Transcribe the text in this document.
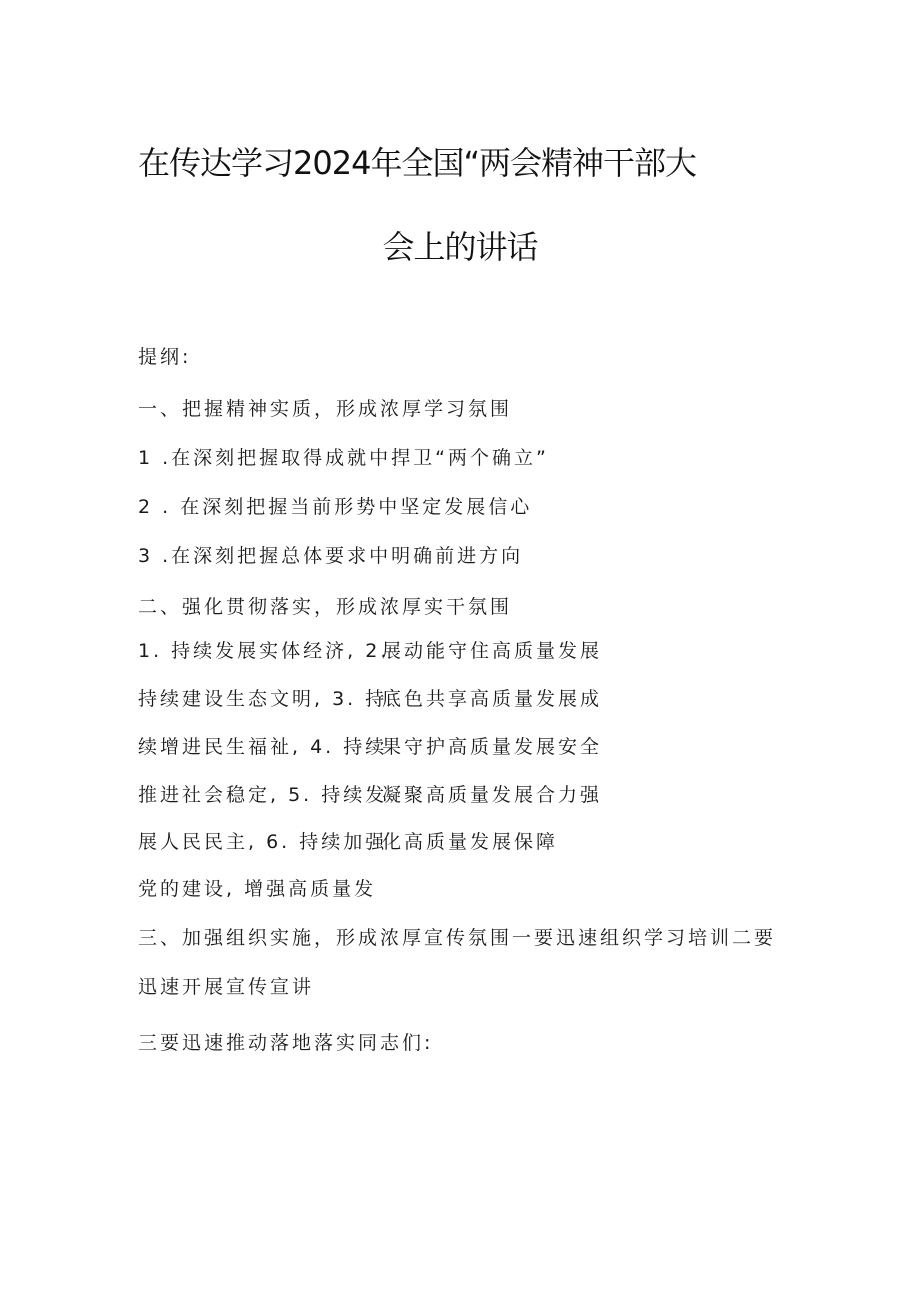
在传达学习2024年全国“两会精神干部大
会上的讲话
提纲:
一、把握精神实质，形成浓厚学习氛围
1 .在深刻把握取得成就中捍卫“两个确立”
2 . 在深刻把握当前形势中坚定发展信心
3 .在深刻把握总体要求中明确前进方向
二、强化贯彻落实，形成浓厚实干氛围
1. 持续发展实体经济, 2.
展动能守住高质量发展
持续建设生态文明, 3. 持
底色共享高质量发展成
续增进民生福祉, 4. 持续
果守护高质量发展安全
推进社会稳定, 5. 持续发
凝聚高质量发展合力强
展人民民主, 6. 持续加强
化高质量发展保障
党的建设, 增强高质量发
三、加强组织实施，形成浓厚宣传氛围一要迅速组织学习培训二要
迅速开展宣传宣讲
三要迅速推动落地落实同志们:
